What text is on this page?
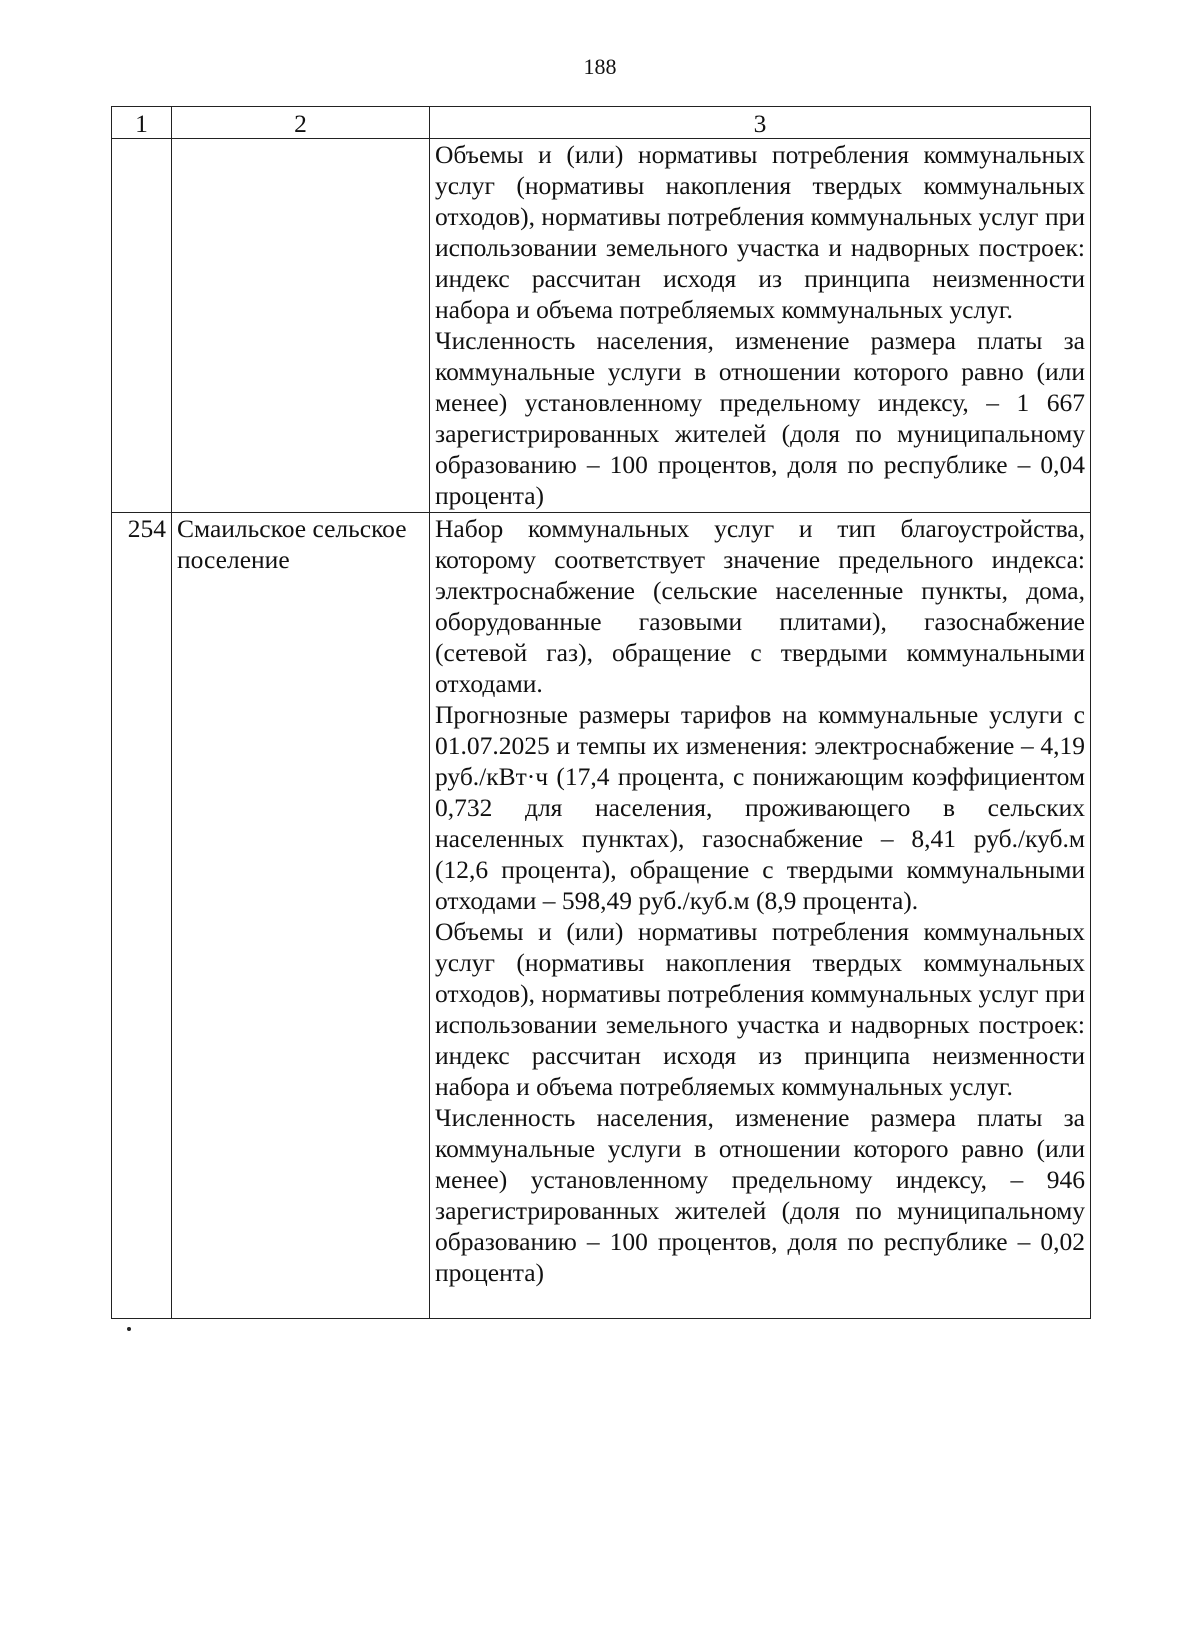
188
1	2	3

		Объемы и (или) нормативы потребления коммунальных услуг (нормативы накопления твердых коммунальных отходов), нормативы потребления коммунальных услуг при использовании земельного участка и надворных построек: индекс рассчитан исходя из принципа неизменности набора и объема потребляемых коммунальных услуг.

Численность населения, изменение размера платы за коммунальные услуги в отношении которого равно (или менее) установленному предельному индексу, – 1 667 зарегистрированных жителей (доля по муниципальному образованию – 100 процентов, доля по республике – 0,04 процента)

254	Смаильское сельское поселение	Набор коммунальных услуг и тип благоустройства, которому соответствует значение предельного индекса: электроснабжение (сельские населенные пункты, дома, оборудованные газовыми плитами), газоснабжение (сетевой газ), обращение с твердыми коммунальными отходами.

Прогнозные размеры тарифов на коммунальные услуги с 01.07.2025 и темпы их изменения: электроснабжение – 4,19 руб./кВт·ч (17,4 процента, с понижающим коэффициентом 0,732 для населения, проживающего в сельских населенных пунктах), газоснабжение – 8,41 руб./куб.м (12,6 процента), обращение с твердыми коммунальными отходами – 598,49 руб./куб.м (8,9 процента).

Объемы и (или) нормативы потребления коммунальных услуг (нормативы накопления твердых коммунальных отходов), нормативы потребления коммунальных услуг при использовании земельного участка и надворных построек: индекс рассчитан исходя из принципа неизменности набора и объема потребляемых коммунальных услуг.

Численность населения, изменение размера платы за коммунальные услуги в отношении которого равно (или менее) установленному предельному индексу, – 946 зарегистрированных жителей (доля по муниципальному образованию – 100 процентов, доля по республике – 0,02 процента)
